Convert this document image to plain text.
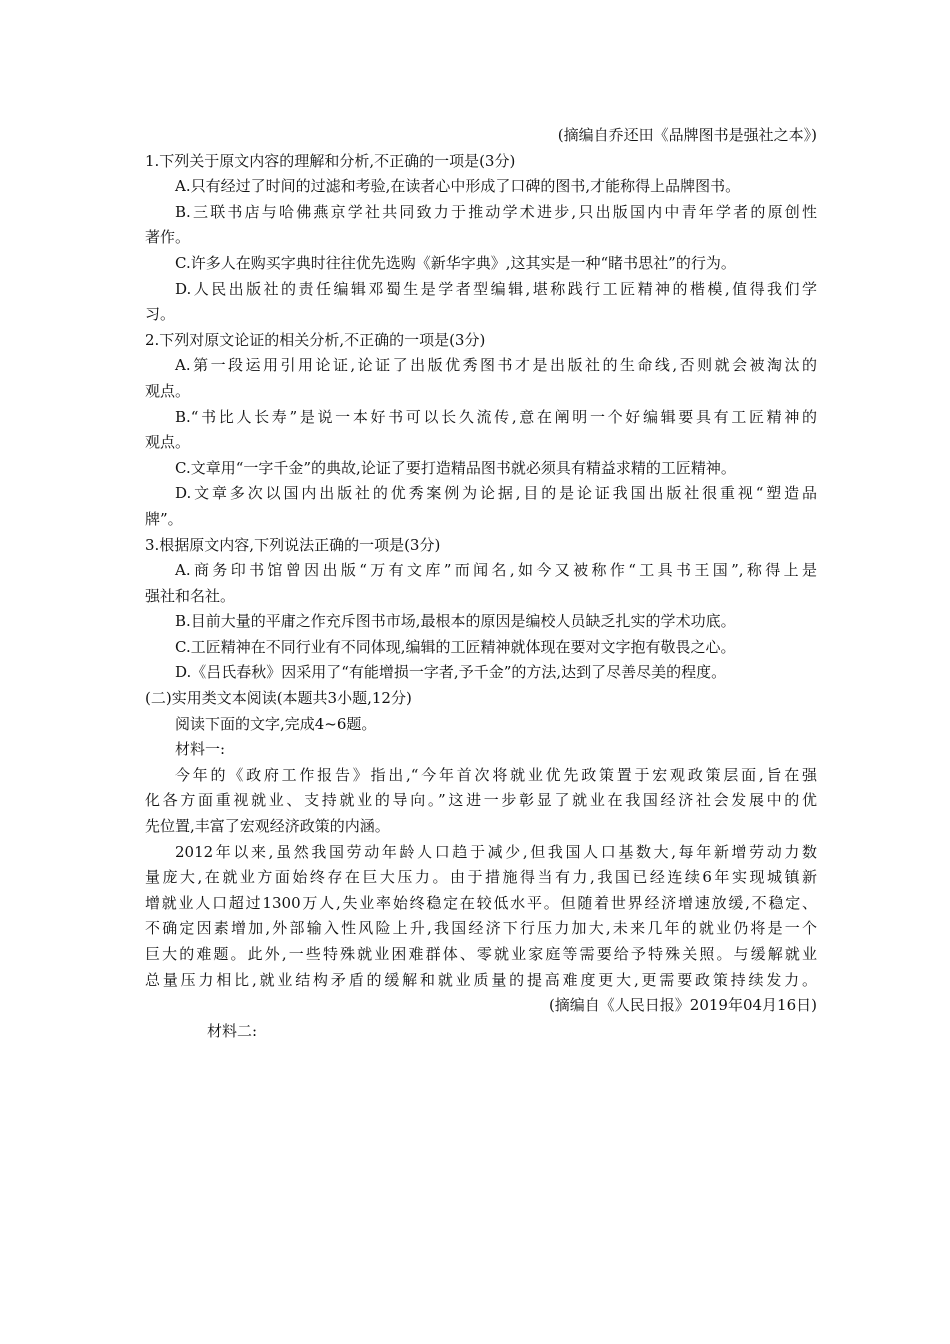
(摘编自乔还田《品牌图书是强社之本》)
1.下列关于原文内容的理解和分析,不正确的一项是(3分)
A.只有经过了时间的过滤和考验,在读者心中形成了口碑的图书,才能称得上品牌图书。
B.三联书店与哈佛燕京学社共同致力于推动学术进步,只出版国内中青年学者的原创性
著作。
C.许多人在购买字典时往往优先选购《新华字典》,这其实是一种“睹书思社”的行为。
D.人民出版社的责任编辑邓蜀生是学者型编辑,堪称践行工匠精神的楷模,值得我们学
习。
2.下列对原文论证的相关分析,不正确的一项是(3分)
A.第一段运用引用论证,论证了出版优秀图书才是出版社的生命线,否则就会被淘汰的
观点。
B.“书比人长寿”是说一本好书可以长久流传,意在阐明一个好编辑要具有工匠精神的
观点。
C.文章用“一字千金”的典故,论证了要打造精品图书就必须具有精益求精的工匠精神。
D.文章多次以国内出版社的优秀案例为论据,目的是论证我国出版社很重视“塑造品
牌”。
3.根据原文内容,下列说法正确的一项是(3分)
A.商务印书馆曾因出版“万有文库”而闻名,如今又被称作“工具书王国”,称得上是
强社和名社。
B.目前大量的平庸之作充斥图书市场,最根本的原因是编校人员缺乏扎实的学术功底。
C.工匠精神在不同行业有不同体现,编辑的工匠精神就体现在要对文字抱有敬畏之心。
D.《吕氏春秋》因采用了“有能增损一字者,予千金”的方法,达到了尽善尽美的程度。
(二)实用类文本阅读(本题共3小题,12分)
阅读下面的文字,完成4~6题。
材料一:
今年的《政府工作报告》指出,“今年首次将就业优先政策置于宏观政策层面,旨在强
化各方面重视就业、支持就业的导向。”这进一步彰显了就业在我国经济社会发展中的优
先位置,丰富了宏观经济政策的内涵。
2012年以来,虽然我国劳动年龄人口趋于减少,但我国人口基数大,每年新增劳动力数
量庞大,在就业方面始终存在巨大压力。由于措施得当有力,我国已经连续6年实现城镇新
增就业人口超过1300万人,失业率始终稳定在较低水平。但随着世界经济增速放缓,不稳定、
不确定因素增加,外部输入性风险上升,我国经济下行压力加大,未来几年的就业仍将是一个
巨大的难题。此外,一些特殊就业困难群体、零就业家庭等需要给予特殊关照。与缓解就业
总量压力相比,就业结构矛盾的缓解和就业质量的提高难度更大,更需要政策持续发力。
(摘编自《人民日报》2019年04月16日)
材料二:
